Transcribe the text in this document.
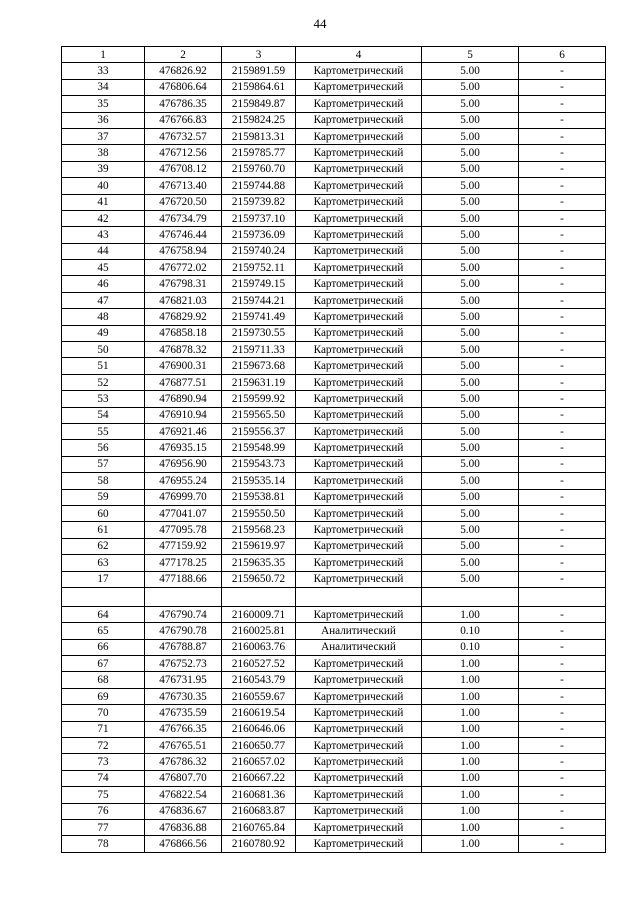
44
1	2	3	4	5	6
33	476826.92	2159891.59	Картометрический	5.00	-
34	476806.64	2159864.61	Картометрический	5.00	-
35	476786.35	2159849.87	Картометрический	5.00	-
36	476766.83	2159824.25	Картометрический	5.00	-
37	476732.57	2159813.31	Картометрический	5.00	-
38	476712.56	2159785.77	Картометрический	5.00	-
39	476708.12	2159760.70	Картометрический	5.00	-
40	476713.40	2159744.88	Картометрический	5.00	-
41	476720.50	2159739.82	Картометрический	5.00	-
42	476734.79	2159737.10	Картометрический	5.00	-
43	476746.44	2159736.09	Картометрический	5.00	-
44	476758.94	2159740.24	Картометрический	5.00	-
45	476772.02	2159752.11	Картометрический	5.00	-
46	476798.31	2159749.15	Картометрический	5.00	-
47	476821.03	2159744.21	Картометрический	5.00	-
48	476829.92	2159741.49	Картометрический	5.00	-
49	476858.18	2159730.55	Картометрический	5.00	-
50	476878.32	2159711.33	Картометрический	5.00	-
51	476900.31	2159673.68	Картометрический	5.00	-
52	476877.51	2159631.19	Картометрический	5.00	-
53	476890.94	2159599.92	Картометрический	5.00	-
54	476910.94	2159565.50	Картометрический	5.00	-
55	476921.46	2159556.37	Картометрический	5.00	-
56	476935.15	2159548.99	Картометрический	5.00	-
57	476956.90	2159543.73	Картометрический	5.00	-
58	476955.24	2159535.14	Картометрический	5.00	-
59	476999.70	2159538.81	Картометрический	5.00	-
60	477041.07	2159550.50	Картометрический	5.00	-
61	477095.78	2159568.23	Картометрический	5.00	-
62	477159.92	2159619.97	Картометрический	5.00	-
63	477178.25	2159635.35	Картометрический	5.00	-
17	477188.66	2159650.72	Картометрический	5.00	-

64	476790.74	2160009.71	Картометрический	1.00	-
65	476790.78	2160025.81	Аналитический	0.10	-
66	476788.87	2160063.76	Аналитический	0.10	-
67	476752.73	2160527.52	Картометрический	1.00	-
68	476731.95	2160543.79	Картометрический	1.00	-
69	476730.35	2160559.67	Картометрический	1.00	-
70	476735.59	2160619.54	Картометрический	1.00	-
71	476766.35	2160646.06	Картометрический	1.00	-
72	476765.51	2160650.77	Картометрический	1.00	-
73	476786.32	2160657.02	Картометрический	1.00	-
74	476807.70	2160667.22	Картометрический	1.00	-
75	476822.54	2160681.36	Картометрический	1.00	-
76	476836.67	2160683.87	Картометрический	1.00	-
77	476836.88	2160765.84	Картометрический	1.00	-
78	476866.56	2160780.92	Картометрический	1.00	-
